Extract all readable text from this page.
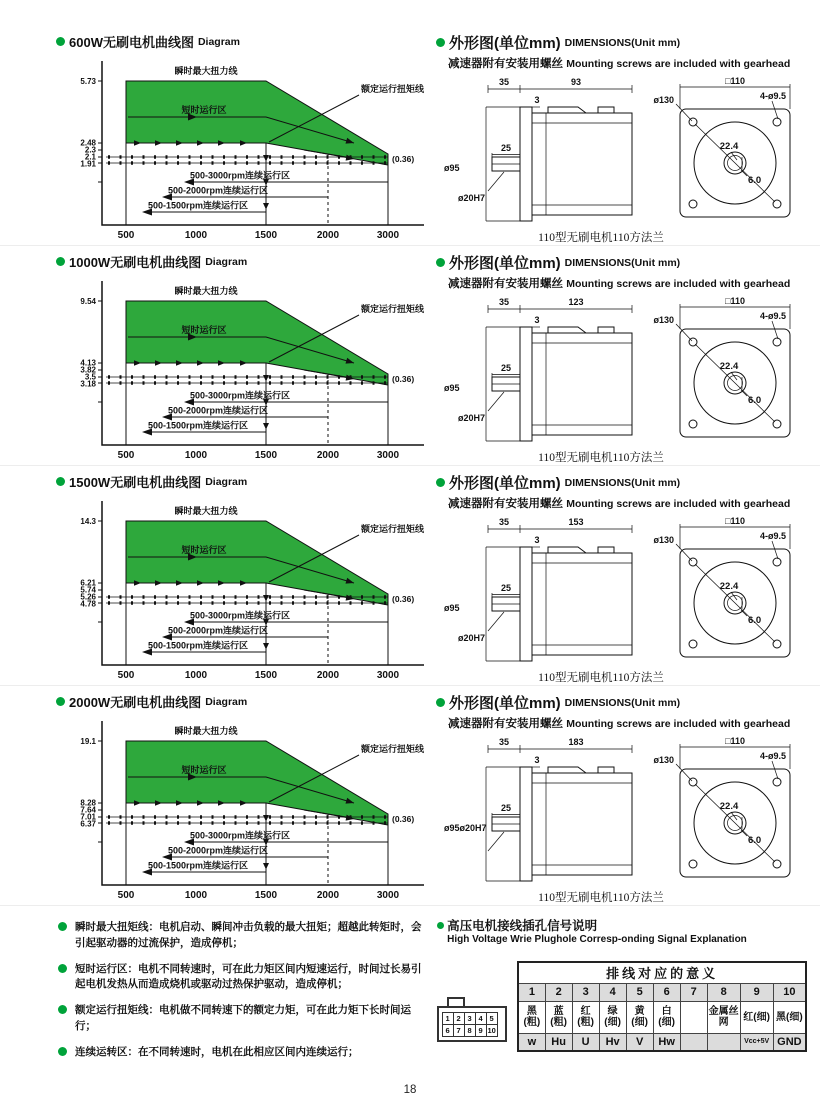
600W无刷电机曲线图 Diagram
5.73
2.48
2.3
2.1
1.91
500	1000	1500	2000	3000
瞬时最大扭力线
短时运行区
额定运行扭矩线
(0.36)
500-3000rpm连续运行区
500-2000rpm连续运行区
500-1500rpm连续运行区
外形图(单位mm) DIMENSIONS(Unit mm)
减速器附有安装用螺丝 Mounting screws are included with gearhead
35	93
3
25
ø95
ø20H7
□110
ø130	4-ø9.5
22.4
6.0
110型无刷电机110方法兰
1000W无刷电机曲线图 Diagram
9.54
4.13
3.82
3.5
3.18
500	1000	1500	2000	3000
瞬时最大扭力线
短时运行区
额定运行扭矩线
(0.36)
500-3000rpm连续运行区
500-2000rpm连续运行区
500-1500rpm连续运行区
外形图(单位mm) DIMENSIONS(Unit mm)
减速器附有安装用螺丝 Mounting screws are included with gearhead
35	123
3
25
ø95
ø20H7
□110
ø130	4-ø9.5
22.4
6.0
110型无刷电机110方法兰
1500W无刷电机曲线图 Diagram
14.3
6.21
5.74
5.26
4.78
500	1000	1500	2000	3000
瞬时最大扭力线
短时运行区
额定运行扭矩线
(0.36)
500-3000rpm连续运行区
500-2000rpm连续运行区
500-1500rpm连续运行区
外形图(单位mm) DIMENSIONS(Unit mm)
减速器附有安装用螺丝 Mounting screws are included with gearhead
35	153
3
25
ø95
ø20H7
□110
ø130	4-ø9.5
22.4
6.0
110型无刷电机110方法兰
2000W无刷电机曲线图 Diagram
19.1
8.28
7.64
7.01
6.37
500	1000	1500	2000	3000
瞬时最大扭力线
短时运行区
额定运行扭矩线
(0.36)
500-3000rpm连续运行区
500-2000rpm连续运行区
500-1500rpm连续运行区
外形图(单位mm) DIMENSIONS(Unit mm)
减速器附有安装用螺丝 Mounting screws are included with gearhead
35	183
3
25
ø95ø20H7
□110
ø130	4-ø9.5
22.4
6.0
110型无刷电机110方法兰

瞬时最大扭矩线：电机启动、瞬间冲击负载的最大扭矩；超越此转矩时，会引起驱动器的过流保护，造成停机；

短时运行区：电机不同转速时，可在此力矩区间内短速运行，时间过长易引起电机发热从而造成烧机或驱动过热保护驱动，造成停机；

额定运行扭矩线：电机做不同转速下的额定力矩，可在此力矩下长时间运行；

连续运转区：在不同转速时，电机在此相应区间内连续运行；

高压电机接线插孔信号说明
High Voltage Wrie Plughole Corresp-onding Signal Explanation
1 2 3 4 5
6 7 8 9 10
排线对应的意义									
1	2	3	4	5	6	7	8	9	10
黑(粗)	蓝(粗)	红(粗)	绿(细)	黄(细)	白(细)		金属丝网	红(细)	黑(细)
w	Hu	U	Hv	V	Hw			Vcc+5V	GND
18
